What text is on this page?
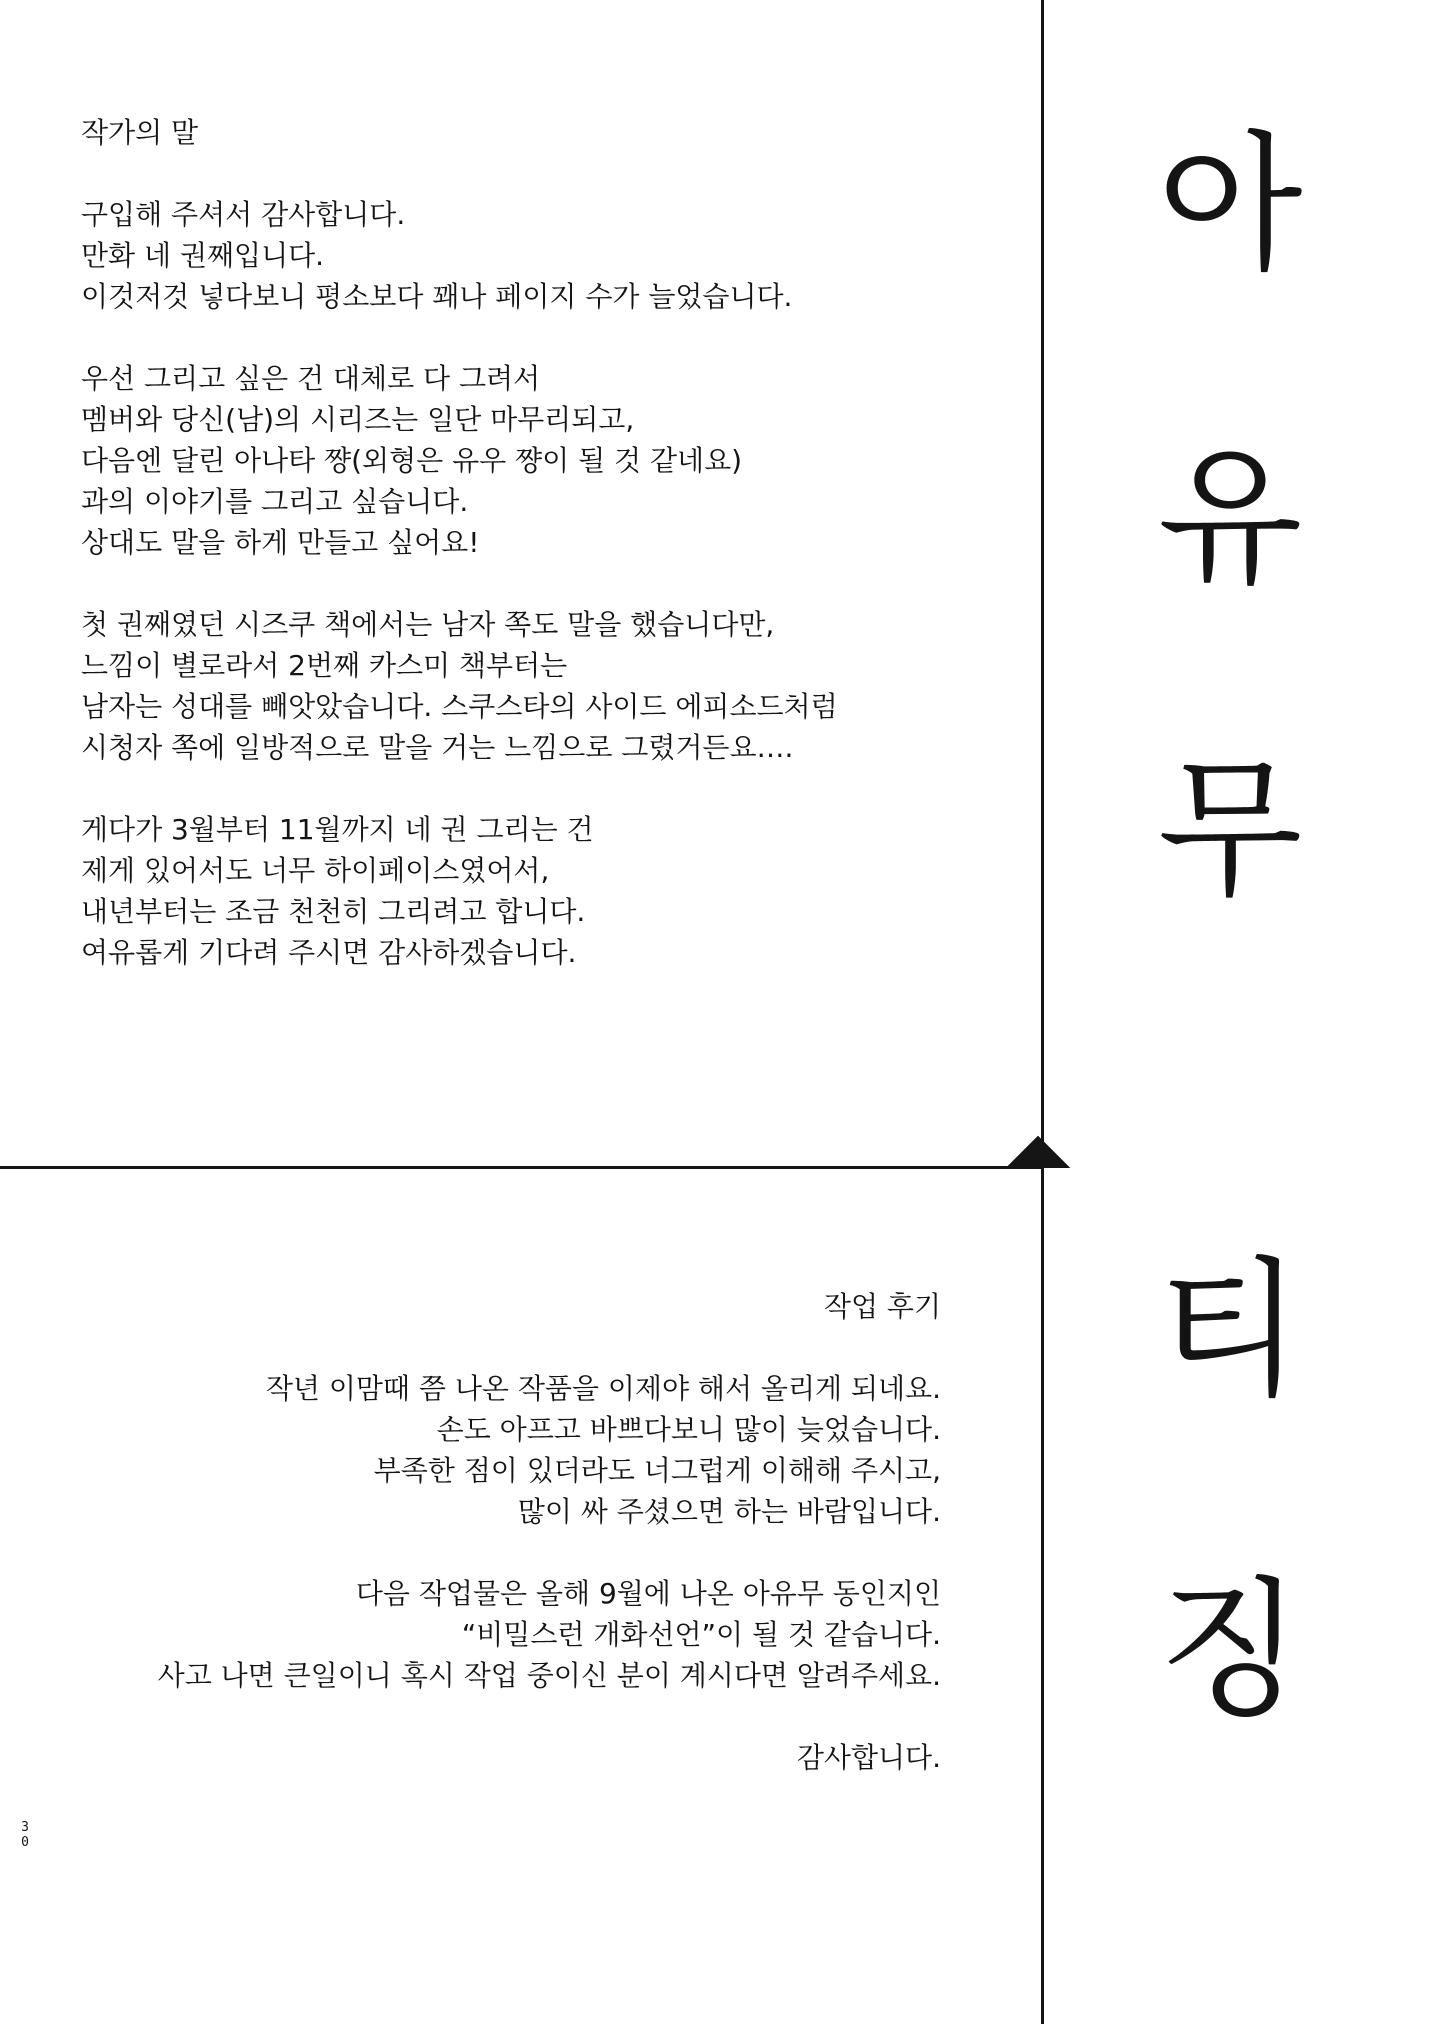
작가의 말

구입해 주셔서 감사합니다.

만화 네 권째입니다.

이것저것 넣다보니 평소보다 꽤나 페이지 수가 늘었습니다.

우선 그리고 싶은 건 대체로 다 그려서

멤버와 당신(남)의 시리즈는 일단 마무리되고,

다음엔 달린 아나타 쨩(외형은 유우 쨩이 될 것 같네요)

과의 이야기를 그리고 싶습니다.

상대도 말을 하게 만들고 싶어요!

첫 권째였던 시즈쿠 책에서는 남자 쪽도 말을 했습니다만,

느낌이 별로라서 2번째 카스미 책부터는

남자는 성대를 빼앗았습니다. 스쿠스타의 사이드 에피소드처럼

시청자 쪽에 일방적으로 말을 거는 느낌으로 그렸거든요….

게다가 3월부터 11월까지 네 권 그리는 건

제게 있어서도 너무 하이페이스였어서,

내년부터는 조금 천천히 그리려고 합니다.

여유롭게 기다려 주시면 감사하겠습니다.

작업 후기

작년 이맘때 쯤 나온 작품을 이제야 해서 올리게 되네요.

손도 아프고 바쁘다보니 많이 늦었습니다.

부족한 점이 있더라도 너그럽게 이해해 주시고,

많이 싸 주셨으면 하는 바람입니다.

다음 작업물은 올해 9월에 나온 아유무 동인지인

“비밀스런 개화선언”이 될 것 같습니다.

사고 나면 큰일이니 혹시 작업 중이신 분이 계시다면 알려주세요.

감사합니다.

아
유
무
티
징
3
0
